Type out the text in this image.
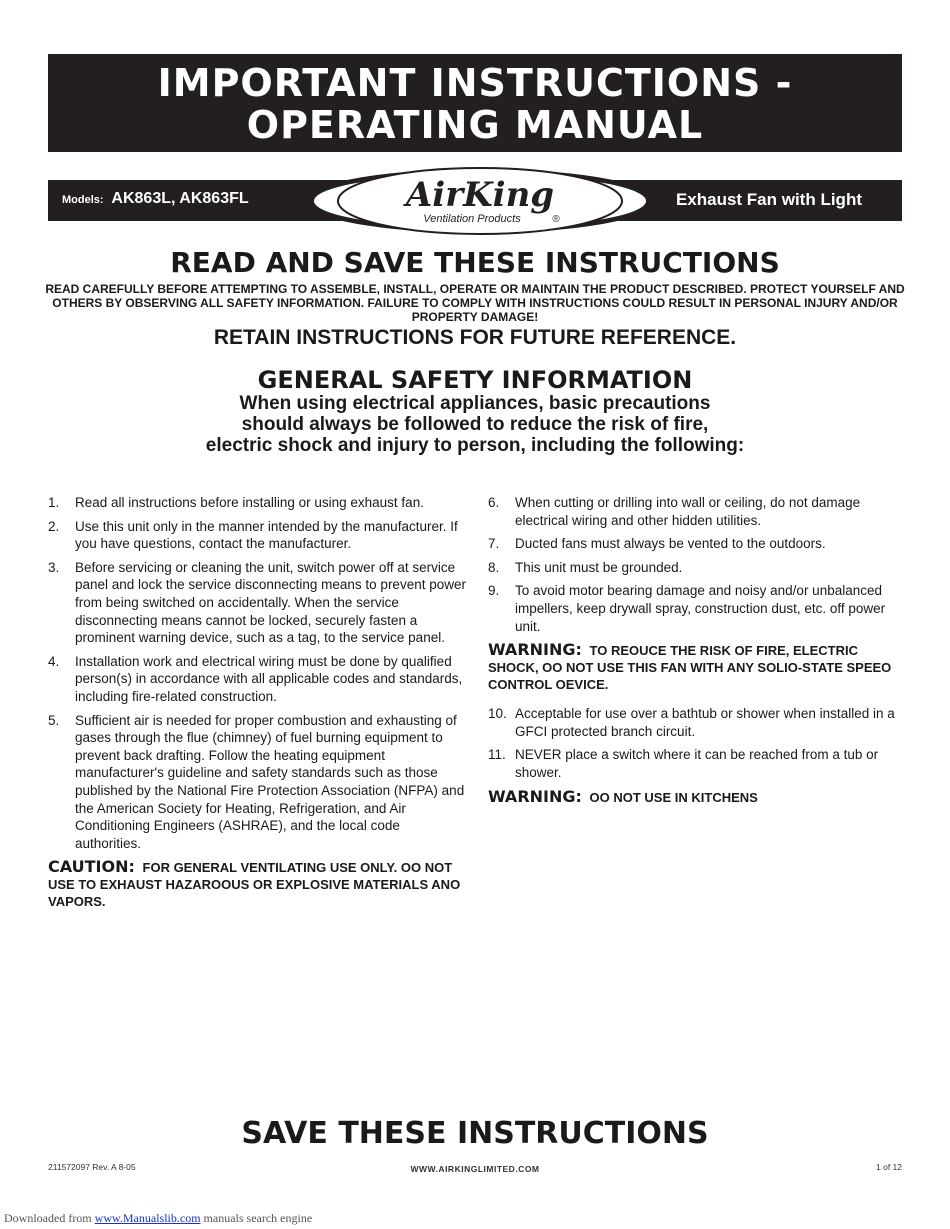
IMPORTANT INSTRUCTIONS -
OPERATING MANUAL
Models: AK863L, AK863FL	Exhaust Fan with Light
AirKing
Ventilation Products	®
READ AND SAVE THESE INSTRUCTIONS
READ CAREFULLY BEFORE ATTEMPTING TO ASSEMBLE, INSTALL, OPERATE OR MAINTAIN THE PRODUCT DESCRIBED. PROTECT YOURSELF AND OTHERS BY OBSERVING ALL SAFETY INFORMATION. FAILURE TO COMPLY WITH INSTRUCTIONS COULD RESULT IN PERSONAL INJURY AND/OR PROPERTY DAMAGE!
RETAIN INSTRUCTIONS FOR FUTURE REFERENCE.
GENERAL SAFETY INFORMATION
When using electrical appliances, basic precautions
should always be followed to reduce the risk of fire,
electric shock and injury to person, including the following:
1. Read all instructions before installing or using exhaust fan.
2. Use this unit only in the manner intended by the manufacturer. If you have questions, contact the manufacturer.
3. Before servicing or cleaning the unit, switch power off at service panel and lock the service disconnecting means to prevent power from being switched on accidentally. When the service disconnecting means cannot be locked, securely fasten a prominent warning device, such as a tag, to the service panel.
4. Installation work and electrical wiring must be done by qualified person(s) in accordance with all applicable codes and standards, including fire-related construction.
5. Sufficient air is needed for proper combustion and exhausting of gases through the flue (chimney) of fuel burning equipment to prevent back drafting. Follow the heating equipment manufacturer's guideline and safety standards such as those published by the National Fire Protection Association (NFPA) and the American Society for Heating, Refrigeration, and Air Conditioning Engineers (ASHRAE), and the local code authorities.
CAUTION: FOR GENERAL VENTILATING USE ONLY. OO NOT USE TO EXHAUST HAZAROOUS OR EXPLOSIVE MATERIALS ANO VAPORS.
6. When cutting or drilling into wall or ceiling, do not damage electrical wiring and other hidden utilities.
7. Ducted fans must always be vented to the outdoors.
8. This unit must be grounded.
9. To avoid motor bearing damage and noisy and/or unbalanced impellers, keep drywall spray, construction dust, etc. off power unit.
WARNING: TO REOUCE THE RISK OF FIRE, ELECTRIC SHOCK, OO NOT USE THIS FAN WITH ANY SOLIO-STATE SPEEO CONTROL OEVICE.
10. Acceptable for use over a bathtub or shower when installed in a GFCI protected branch circuit.
11. NEVER place a switch where it can be reached from a tub or shower.
WARNING: OO NOT USE IN KITCHENS
SAVE THESE INSTRUCTIONS
211572097 Rev. A 8-05	WWW.AIRKINGLIMITED.COM	1 of 12
Downloaded from www.Manualslib.com manuals search engine
